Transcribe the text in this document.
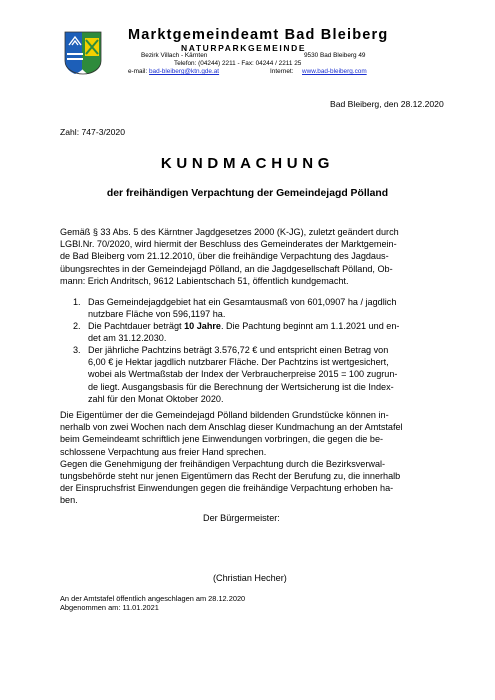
Marktgemeindeamt Bad Bleiberg
NATURPARKGEMEINDE
Bezirk Villach - Kärnten	9530 Bad Bleiberg 49
Telefon: (04244) 2211 - Fax: 04244 / 2211 25
e-mail: bad-bleiberg@ktn.gde.at	Internet: www.bad-bleiberg.com
Bad Bleiberg, den 28.12.2020
Zahl: 747-3/2020
KUNDMACHUNG
der freihändigen Verpachtung der Gemeindejagd Pölland
Gemäß § 33 Abs. 5 des Kärntner Jagdgesetzes 2000 (K-JG), zuletzt geändert durch
LGBl.Nr. 70/2020, wird hiermit der Beschluss des Gemeinderates der Marktgemein-
de Bad Bleiberg vom 21.12.2010, über die freihändige Verpachtung des Jagdaus-
übungsrechtes in der Gemeindejagd Pölland, an die Jagdgesellschaft Pölland, Ob-
mann: Erich Andritsch, 9612 Labientschach 51, öffentlich kundgemacht.
1. Das Gemeindejagdgebiet hat ein Gesamtausmaß von 601,0907 ha / jagdlich
nutzbare Fläche von 596,1197 ha.
2. Die Pachtdauer beträgt 10 Jahre. Die Pachtung beginnt am 1.1.2021 und en-
det am 31.12.2030.
3. Der jährliche Pachtzins beträgt 3.576,72 € und entspricht einen Betrag von
6,00 € je Hektar jagdlich nutzbarer Fläche. Der Pachtzins ist wertgesichert,
wobei als Wertmaßstab der Index der Verbraucherpreise 2015 = 100 zugrun-
de liegt. Ausgangsbasis für die Berechnung der Wertsicherung ist die Index-
zahl für den Monat Oktober 2020.
Die Eigentümer der die Gemeindejagd Pölland bildenden Grundstücke können in-
nerhalb von zwei Wochen nach dem Anschlag dieser Kundmachung an der Amtstafel
beim Gemeindeamt schriftlich jene Einwendungen vorbringen, die gegen die be-
schlossene Verpachtung aus freier Hand sprechen.
Gegen die Genehmigung der freihändigen Verpachtung durch die Bezirksverwal-
tungsbehörde steht nur jenen Eigentümern das Recht der Berufung zu, die innerhalb
der Einspruchsfrist Einwendungen gegen die freihändige Verpachtung erhoben ha-
ben.
Der Bürgermeister:
(Christian Hecher)
An der Amtstafel öffentlich angeschlagen am 28.12.2020
Abgenommen am: 11.01.2021
